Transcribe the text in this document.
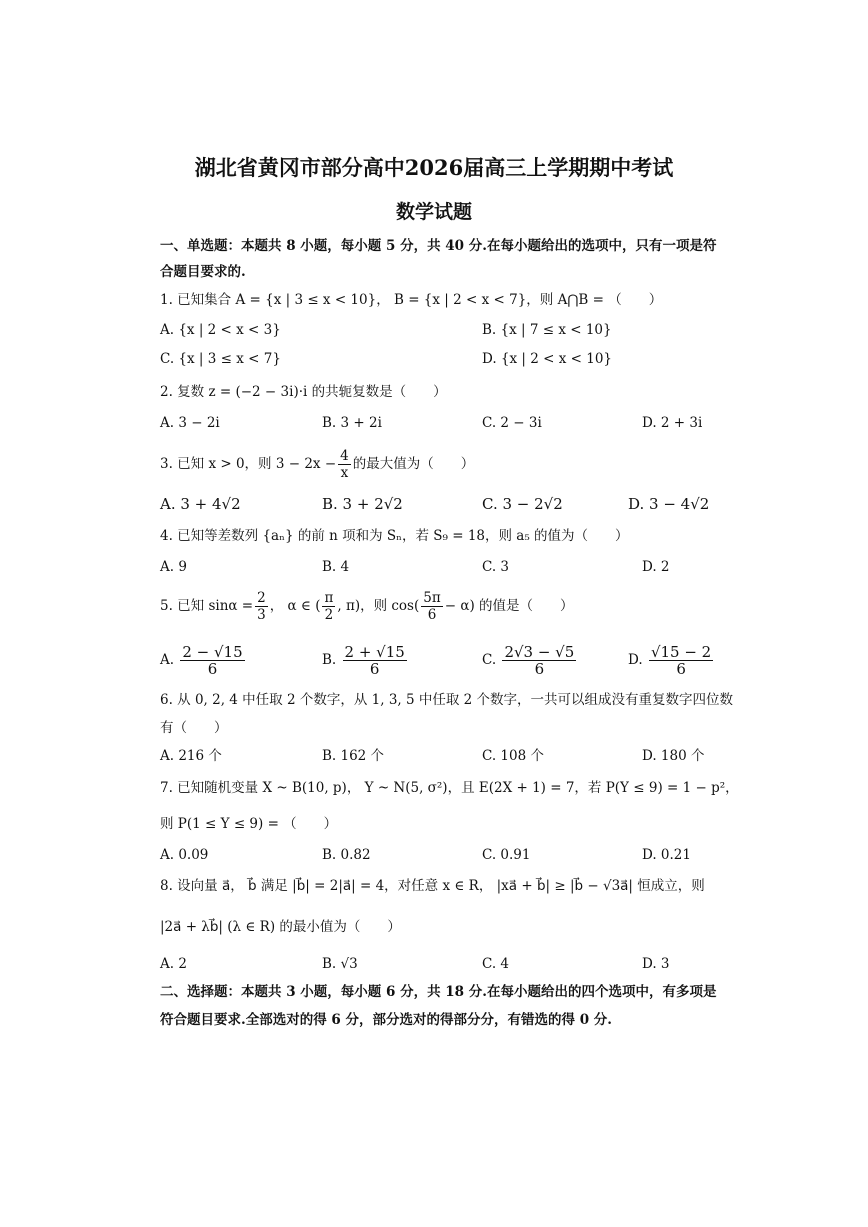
湖北省黄冈市部分高中2026届高三上学期期中考试
数学试题
一、单选题：本题共 8 小题，每小题 5 分，共 40 分.在每小题给出的选项中，只有一项是符
合题目要求的.
1. 已知集合 A = {x | 3 ≤ x < 10}， B = {x | 2 < x < 7}，则 A⋂B = （　　）
A. {x | 2 < x < 3}	B. {x | 7 ≤ x < 10}
C. {x | 3 ≤ x < 7}	D. {x | 2 < x < 10}
2. 复数 z = (−2 − 3i)·i 的共轭复数是（　　）
A. 3 − 2i	B. 3 + 2i	C. 2 − 3i	D. 2 + 3i
3. 已知 x > 0，则 $3 - 2x - \frac{4}{x}$ 的最大值为（　　）
A. 3 + 4√2	B. 3 + 2√2	C. 3 − 2√2	D. 3 − 4√2
4. 已知等差数列 {aₙ} 的前 n 项和为 Sₙ，若 S₉ = 18，则 a₅ 的值为（　　）
A. 9	B. 4	C. 3	D. 2
5. 已知 $\sin\alpha = \frac{2}{3}$ ， α ∈ ( $\frac{\pi}{2}$ , π)，则 $\cos( \frac{5\pi}{6} - \alpha)$ 的值是（　　）
A. $\frac{2 - √15}{6}$	B. $\frac{2 + √15}{6}$	C. $\frac{2√3 - √5}{6}$	D. $\frac{√15 - 2}{6}$
6. 从 0, 2, 4 中任取 2 个数字，从 1, 3, 5 中任取 2 个数字，一共可以组成没有重复数字四位数
有（　　）
A. 216 个	B. 162 个	C. 108 个	D. 180 个
7. 已知随机变量 X ~ B(10, p)， Y ~ N(5, σ²)，且 E(2X + 1) = 7，若 P(Y ≤ 9) = 1 − p²，
则 P(1 ≤ Y ≤ 9) = （　　）
A. 0.09	B. 0.82	C. 0.91	D. 0.21
8. 设向量 a⃗， b⃗ 满足 |b⃗| = 2|a⃗| = 4，对任意 x ∈ R， |xa⃗ + b⃗| ≥ |b⃗ − √3a⃗| 恒成立，则
|2a⃗ + λb⃗| (λ ∈ R) 的最小值为（　　）
A. 2	B. √3	C. 4	D. 3
二、选择题：本题共 3 小题，每小题 6 分，共 18 分.在每小题给出的四个选项中，有多项是
符合题目要求.全部选对的得 6 分，部分选对的得部分分，有错选的得 0 分.
